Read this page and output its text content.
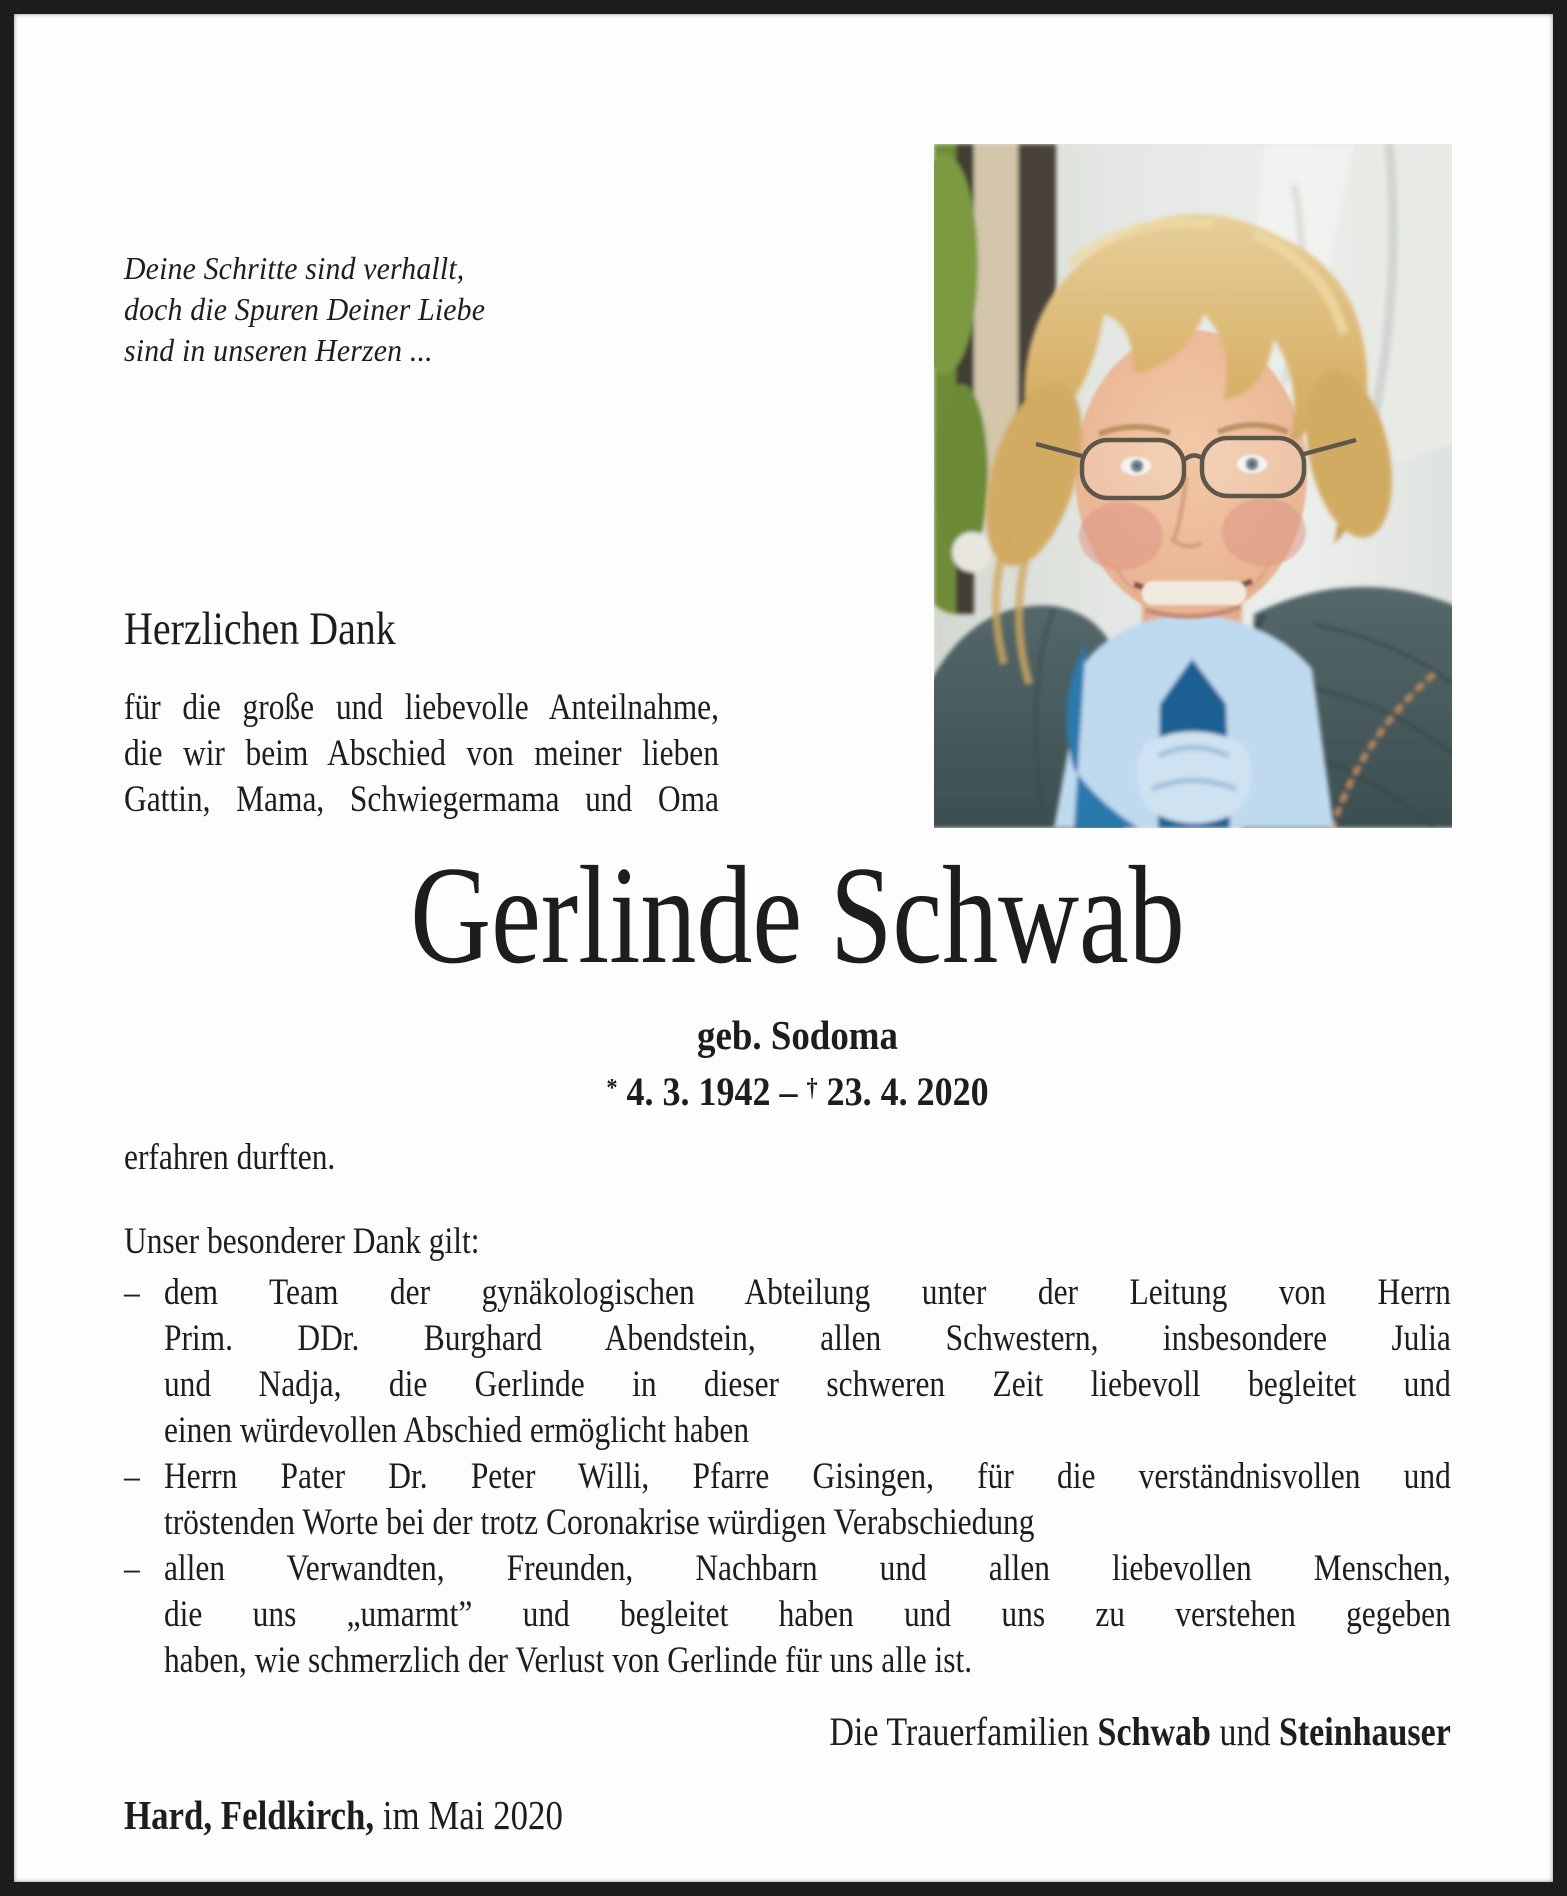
Deine Schritte sind verhallt,
doch die Spuren Deiner Liebe
sind in unseren Herzen ...
Herzlichen Dank
für die große und liebevolle Anteilnahme,
die wir beim Abschied von meiner lieben
Gattin, Mama, Schwiegermama und Oma
Gerlinde Schwab
geb. Sodoma
* 4. 3. 1942 – † 23. 4. 2020
erfahren durften.
Unser besonderer Dank gilt:
– dem Team der gynäkologischen Abteilung unter der Leitung von Herrn
Prim. DDr. Burghard Abendstein, allen Schwestern, insbesondere Julia
und Nadja, die Gerlinde in dieser schweren Zeit liebevoll begleitet und
einen würdevollen Abschied ermöglicht haben
– Herrn Pater Dr. Peter Willi, Pfarre Gisingen, für die verständnisvollen und
tröstenden Worte bei der trotz Coronakrise würdigen Verabschiedung
– allen Verwandten, Freunden, Nachbarn und allen liebevollen Menschen,
die uns „umarmt” und begleitet haben und uns zu verstehen gegeben
haben, wie schmerzlich der Verlust von Gerlinde für uns alle ist.
Die Trauerfamilien Schwab und Steinhauser
Hard, Feldkirch, im Mai 2020
